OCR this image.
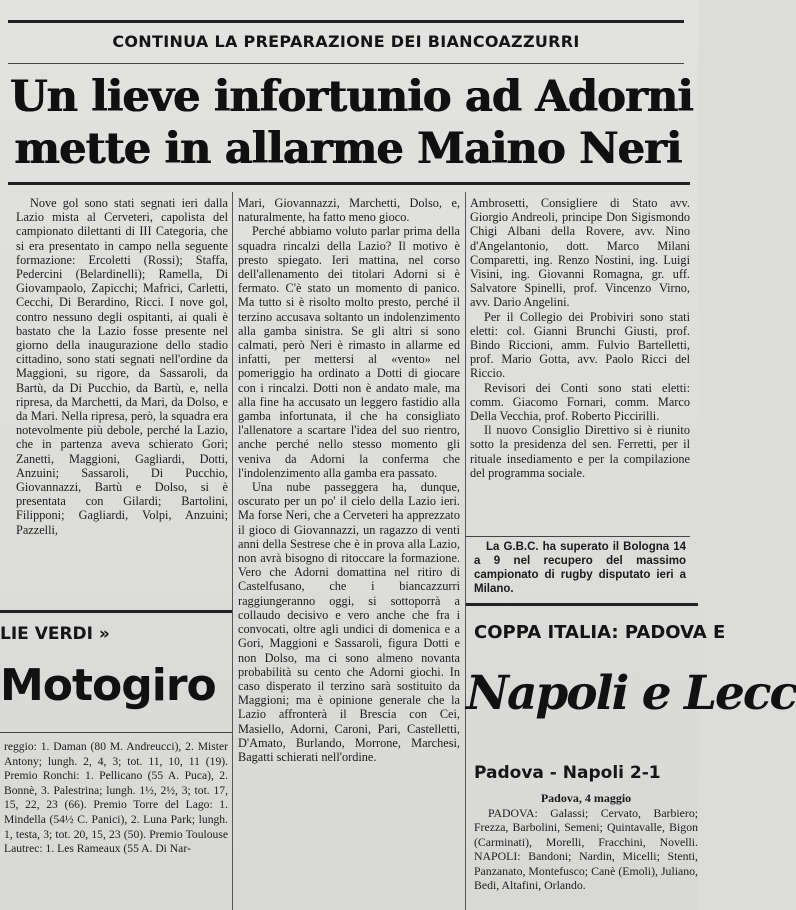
CONTINUA LA PREPARAZIONE DEI BIANCOAZZURRI
Un lieve infortunio ad Adorni
mette in allarme Maino Neri

Nove gol sono stati segnati ieri dalla Lazio mista al Cerveteri, capolista del campionato dilettanti di III Categoria, che si era presentato in campo nella seguente formazione: Ercoletti (Rossi); Staffa, Pedercini (Belardinelli); Ramella, Di Giovampaolo, Zapicchi; Mafrici, Carletti, Cecchi, Di Berardino, Ricci. I nove gol, contro nessuno degli ospitanti, ai quali è bastato che la Lazio fosse presente nel giorno della inaugurazione dello stadio cittadino, sono stati segnati nell'ordine da Maggioni, su rigore, da Sassaroli, da Bartù, da Di Pucchio, da Bartù, e, nella ripresa, da Marchetti, da Mari, da Dolso, e da Mari. Nella ripresa, però, la squadra era notevolmente più debole, perché la Lazio, che in partenza aveva schierato Gori; Zanetti, Maggioni, Gagliardi, Dotti, Anzuini; Sassaroli, Di Pucchio, Giovannazzi, Bartù e Dolso, si è presentata con Gilardi; Bartolini, Filipponi; Gagliardi, Volpi, Anzuini; Pazzelli,

Mari, Giovannazzi, Marchetti, Dolso, e, naturalmente, ha fatto meno gioco.

Perché abbiamo voluto parlar prima della squadra rincalzi della Lazio? Il motivo è presto spiegato. Ieri mattina, nel corso dell'allenamento dei titolari Adorni si è fermato. C'è stato un momento di panico. Ma tutto si è risolto molto presto, perché il terzino accusava soltanto un indolenzimento alla gamba sinistra. Se gli altri si sono calmati, però Neri è rimasto in allarme ed infatti, per mettersi al «vento» nel pomeriggio ha ordinato a Dotti di giocare con i rincalzi. Dotti non è andato male, ma alla fine ha accusato un leggero fastidio alla gamba infortunata, il che ha consigliato l'allenatore a scartare l'idea del suo rientro, anche perché nello stesso momento gli veniva da Adorni la conferma che l'indolenzimento alla gamba era passato.

Una nube passeggera ha, dunque, oscurato per un po' il cielo della Lazio ieri. Ma forse Neri, che a Cerveteri ha apprezzato il gioco di Giovannazzi, un ragazzo di venti anni della Sestrese che è in prova alla Lazio, non avrà bisogno di ritoccare la formazione. Vero che Adorni domattina nel ritiro di Castelfusano, che i biancazzurri raggiungeranno oggi, si sottoporrà a collaudo decisivo e vero anche che fra i convocati, oltre agli undici di domenica e a Gori, Maggioni e Sassaroli, figura Dotti e non Dolso, ma ci sono almeno novanta probabilità su cento che Adorni giochi. In caso disperato il terzino sarà sostituito da Maggioni; ma è opinione generale che la Lazio affronterà il Brescia con Cei, Masiello, Adorni, Caroni, Pari, Castelletti, D'Amato, Burlando, Morrone, Marchesi, Bagatti schierati nell'ordine.

Ambrosetti, Consigliere di Stato avv. Giorgio Andreoli, principe Don Sigismondo Chigi Albani della Rovere, avv. Nino d'Angelantonio, dott. Marco Milani Comparetti, ing. Renzo Nostini, ing. Luigi Visini, ing. Giovanni Romagna, gr. uff. Salvatore Spinelli, prof. Vincenzo Virno, avv. Dario Angelini.

Per il Collegio dei Probiviri sono stati eletti: col. Gianni Brunchi Giusti, prof. Bindo Riccioni, amm. Fulvio Bartelletti, prof. Mario Gotta, avv. Paolo Ricci del Riccio.

Revisori dei Conti sono stati eletti: comm. Giacomo Fornari, comm. Marco Della Vecchia, prof. Roberto Piccirilli.

Il nuovo Consiglio Direttivo si è riunito sotto la presidenza del sen. Ferretti, per il rituale insediamento e per la compilazione del programma sociale.

La G.B.C. ha superato il Bologna 14 a 9 nel recupero del massimo campionato di rugby disputato ieri a Milano.

LIE VERDI »
Motogiro

reggio: 1. Daman (80 M. Andreucci), 2. Mister Antony; lungh. 2, 4, 3; tot. 11, 10, 11 (19). Premio Ronchi: 1. Pellicano (55 A. Puca), 2. Bonnè, 3. Palestrina; lungh. 1½, 2½, 3; tot. 17, 15, 22, 23 (66). Premio Torre del Lago: 1. Mindella (54½ C. Panici), 2. Luna Park; lungh. 1, testa, 3; tot. 20, 15, 23 (50). Premio Toulouse Lautrec: 1. Les Rameaux (55 A. Di Nar-

COPPA ITALIA: PADOVA E
Napoli e Lecc
Padova - Napoli 2-1
Padova, 4 maggio

PADOVA: Galassi; Cervato, Barbiero; Frezza, Barbolini, Semeni; Quintavalle, Bigon (Carminati), Morelli, Fracchini, Novelli. NAPOLI: Bandoni; Nardin, Micelli; Stenti, Panzanato, Montefusco; Canè (Emoli), Juliano, Bedi, Altafini, Orlando.
